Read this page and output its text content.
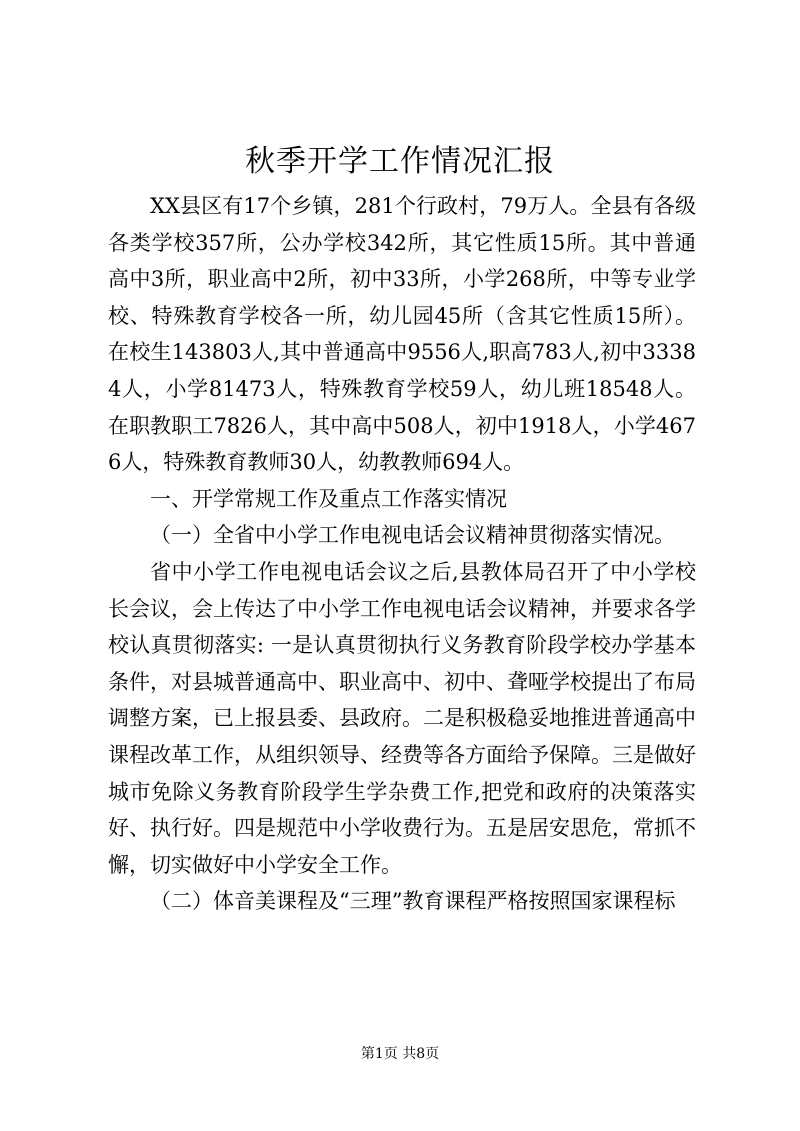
秋季开学工作情况汇报

XX县区有17个乡镇，281个行政村，79万人。全县有各级各类学校357所，公办学校342所，其它性质15所。其中普通高中3所，职业高中2所，初中33所，小学268所，中等专业学校、特殊教育学校各一所，幼儿园45所（含其它性质15所）。在校生143803人,其中普通高中9556人,职高783人,初中33384人，小学81473人，特殊教育学校59人，幼儿班18548人。在职教职工7826人，其中高中508人，初中1918人，小学4676人，特殊教育教师30人，幼教教师694人。

一、开学常规工作及重点工作落实情况

（一）全省中小学工作电视电话会议精神贯彻落实情况。

省中小学工作电视电话会议之后,县教体局召开了中小学校长会议，会上传达了中小学工作电视电话会议精神，并要求各学校认真贯彻落实: 一是认真贯彻执行义务教育阶段学校办学基本条件，对县城普通高中、职业高中、初中、聋哑学校提出了布局调整方案，已上报县委、县政府。二是积极稳妥地推进普通高中课程改革工作，从组织领导、经费等各方面给予保障。三是做好城市免除义务教育阶段学生学杂费工作,把党和政府的决策落实好、执行好。四是规范中小学收费行为。五是居安思危，常抓不懈，切实做好中小学安全工作。

（二）体音美课程及“三理”教育课程严格按照国家课程标

第1页 共8页
